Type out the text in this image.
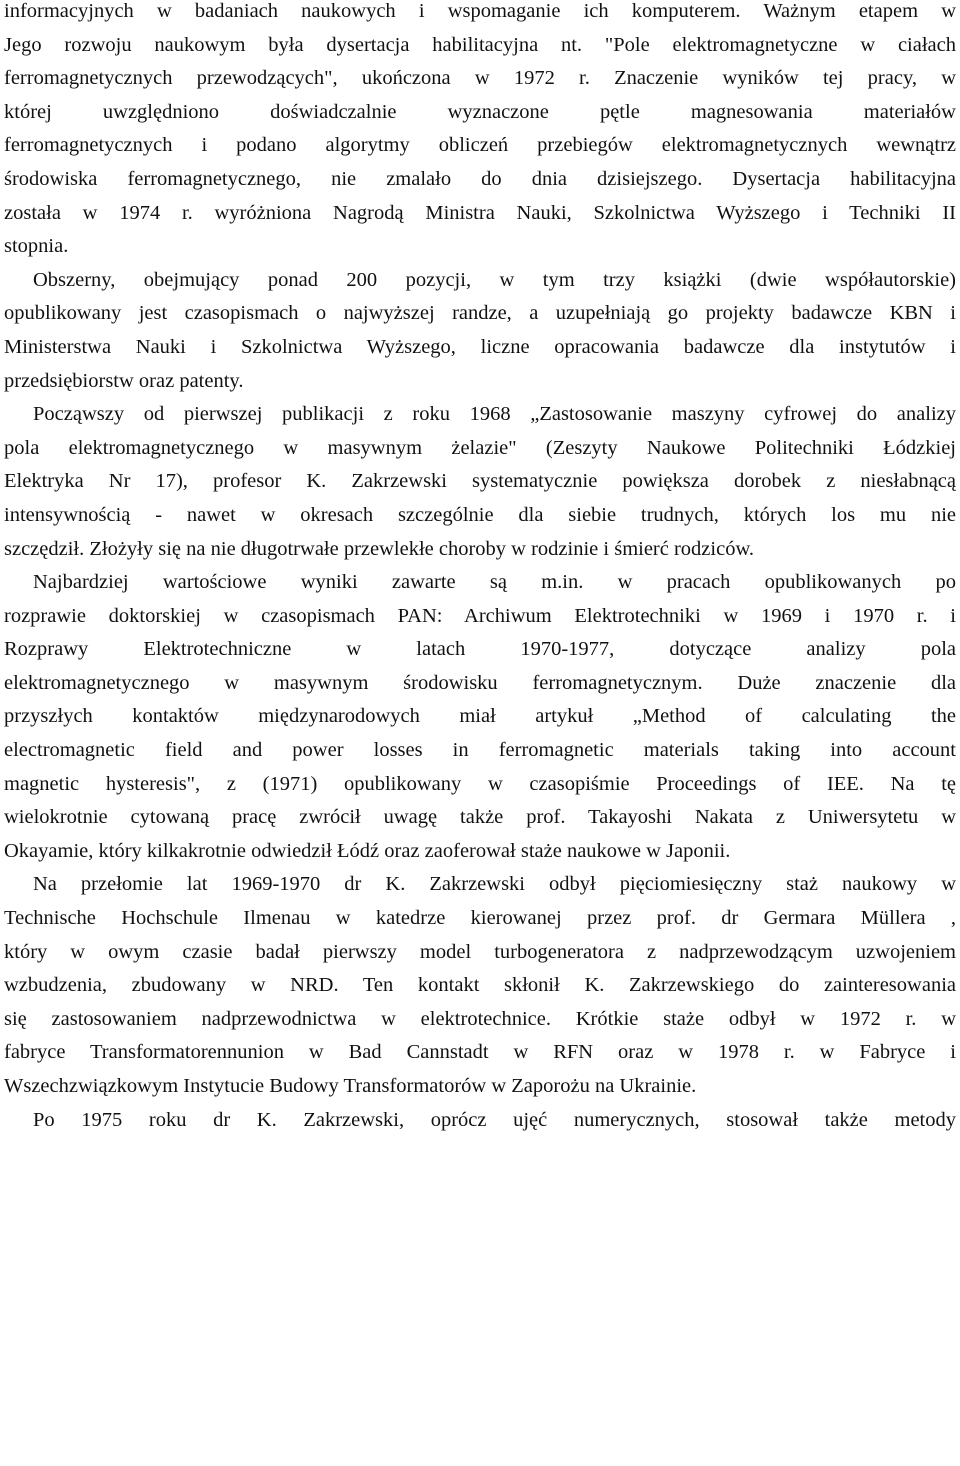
informacyjnych w badaniach naukowych i wspomaganie ich komputerem. Ważnym etapem w
Jego rozwoju naukowym była dysertacja habilitacyjna nt. "Pole elektromagnetyczne w ciałach
ferromagnetycznych przewodzących", ukończona w 1972 r. Znaczenie wyników tej pracy, w
której uwzględniono doświadczalnie wyznaczone pętle magnesowania materiałów
ferromagnetycznych i podano algorytmy obliczeń przebiegów elektromagnetycznych wewnątrz
środowiska ferromagnetycznego, nie zmalało do dnia dzisiejszego. Dysertacja habilitacyjna
została w 1974 r. wyróżniona Nagrodą Ministra Nauki, Szkolnictwa Wyższego i Techniki II
stopnia.
Obszerny, obejmujący ponad 200 pozycji, w tym trzy książki (dwie współautorskie)
opublikowany jest czasopismach o najwyższej randze, a uzupełniają go projekty badawcze KBN i
Ministerstwa Nauki i Szkolnictwa Wyższego, liczne opracowania badawcze dla instytutów i
przedsiębiorstw oraz patenty.
Począwszy od pierwszej publikacji z roku 1968 „Zastosowanie maszyny cyfrowej do analizy
pola elektromagnetycznego w masywnym żelazie" (Zeszyty Naukowe Politechniki Łódzkiej
Elektryka Nr 17), profesor K. Zakrzewski systematycznie powiększa dorobek z niesłabnącą
intensywnością - nawet w okresach szczególnie dla siebie trudnych, których los mu nie
szczędził. Złożyły się na nie długotrwałe przewlekłe choroby w rodzinie i śmierć rodziców.
Najbardziej wartościowe wyniki zawarte są m.in. w pracach opublikowanych po
rozprawie doktorskiej w czasopismach PAN: Archiwum Elektrotechniki w 1969 i 1970 r. i
Rozprawy Elektrotechniczne w latach 1970-1977, dotyczące analizy pola
elektromagnetycznego w masywnym środowisku ferromagnetycznym. Duże znaczenie dla
przyszłych kontaktów międzynarodowych miał artykuł „Method of calculating the
electromagnetic field and power losses in ferromagnetic materials taking into account
magnetic hysteresis", z (1971) opublikowany w czasopiśmie Proceedings of IEE. Na tę
wielokrotnie cytowaną pracę zwrócił uwagę także prof. Takayoshi Nakata z Uniwersytetu w
Okayamie, który kilkakrotnie odwiedził Łódź oraz zaoferował staże naukowe w Japonii.
Na przełomie lat 1969-1970 dr K. Zakrzewski odbył pięciomiesięczny staż naukowy w
Technische Hochschule Ilmenau w katedrze kierowanej przez prof. dr Germara Müllera ,
który w owym czasie badał pierwszy model turbogeneratora z nadprzewodzącym uzwojeniem
wzbudzenia, zbudowany w NRD. Ten kontakt skłonił K. Zakrzewskiego do zainteresowania
się zastosowaniem nadprzewodnictwa w elektrotechnice. Krótkie staże odbył w 1972 r. w
fabryce Transformatorennunion w Bad Cannstadt w RFN oraz w 1978 r. w Fabryce i
Wszechzwiązkowym Instytucie Budowy Transformatorów w Zaporożu na Ukrainie.
Po 1975 roku dr K. Zakrzewski, oprócz ujęć numerycznych, stosował także metody
